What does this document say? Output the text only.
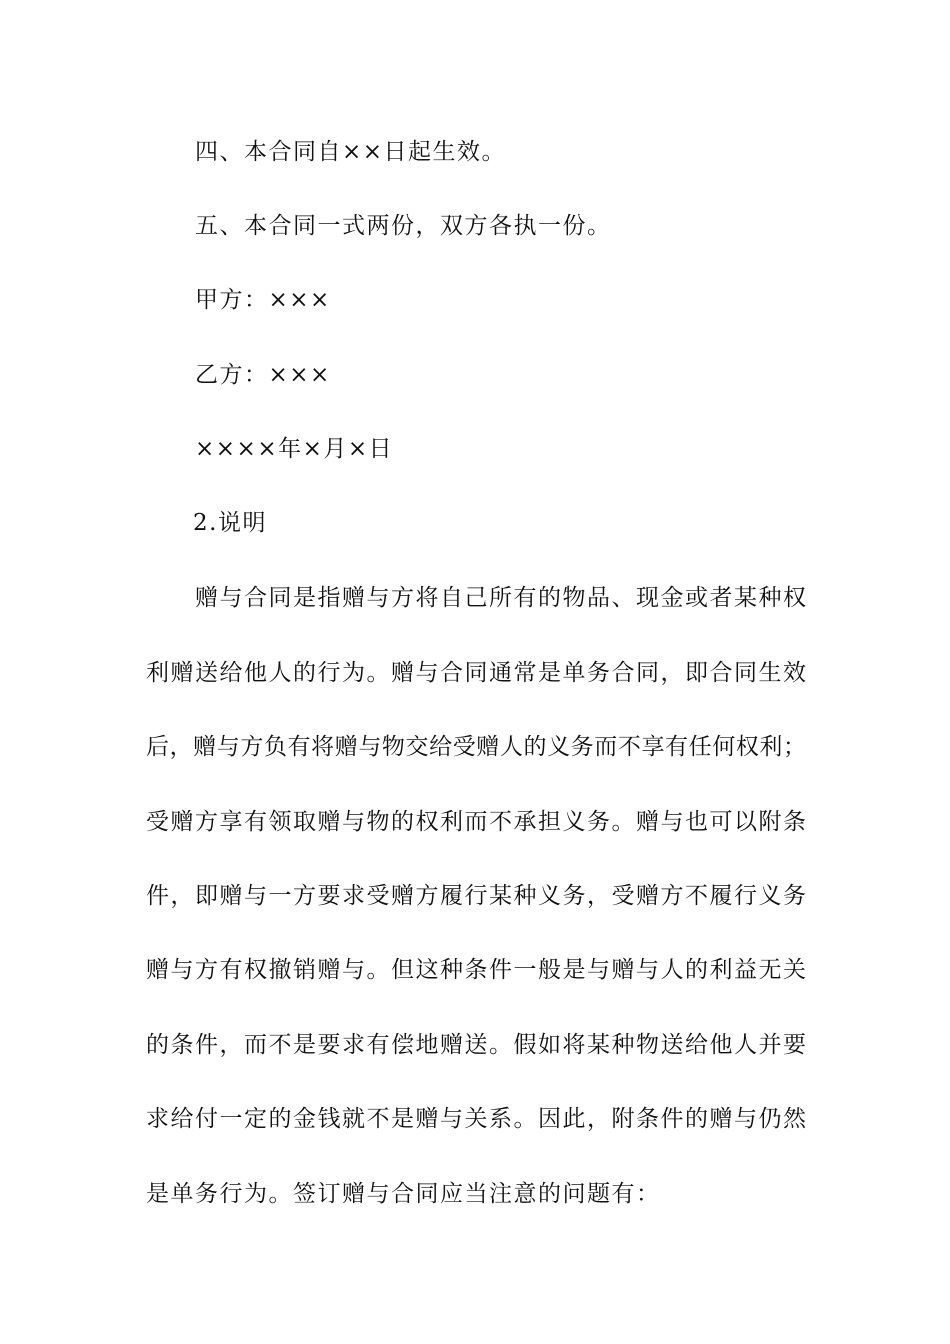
四、本合同自××日起生效。
五、本合同一式两份，双方各执一份。
甲方：×××
乙方：×××
××××年×月×日
2.说明
赠与合同是指赠与方将自己所有的物品、现金或者某种权
利赠送给他人的行为。赠与合同通常是单务合同，即合同生效
后，赠与方负有将赠与物交给受赠人的义务而不享有任何权利；
受赠方享有领取赠与物的权利而不承担义务。赠与也可以附条
件，即赠与一方要求受赠方履行某种义务，受赠方不履行义务
赠与方有权撤销赠与。但这种条件一般是与赠与人的利益无关
的条件，而不是要求有偿地赠送。假如将某种物送给他人并要
求给付一定的金钱就不是赠与关系。因此，附条件的赠与仍然
是单务行为。签订赠与合同应当注意的问题有：
